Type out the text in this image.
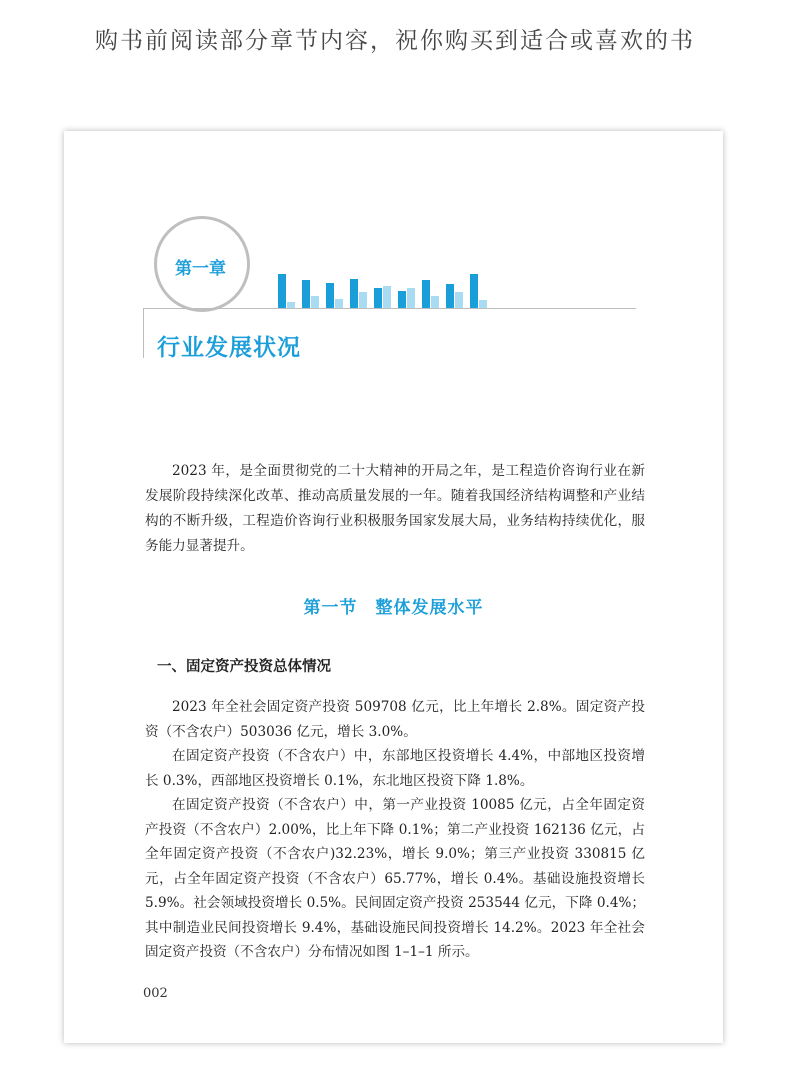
购书前阅读部分章节内容，祝你购买到适合或喜欢的书
第一章
行业发展状况
2023 年，是全面贯彻党的二十大精神的开局之年，是工程造价咨询行业在新发展阶段持续深化改革、推动高质量发展的一年。随着我国经济结构调整和产业结构的不断升级，工程造价咨询行业积极服务国家发展大局，业务结构持续优化，服务能力显著提升。
第一节　整体发展水平
一、固定资产投资总体情况

2023 年全社会固定资产投资 509708 亿元，比上年增长 2.8%。固定资产投资（不含农户）503036 亿元，增长 3.0%。

在固定资产投资（不含农户）中，东部地区投资增长 4.4%，中部地区投资增长 0.3%，西部地区投资增长 0.1%，东北地区投资下降 1.8%。

在固定资产投资（不含农户）中，第一产业投资 10085 亿元，占全年固定资产投资（不含农户）2.00%，比上年下降 0.1%；第二产业投资 162136 亿元，占全年固定资产投资（不含农户)32.23%，增长 9.0%；第三产业投资 330815 亿元，占全年固定资产投资（不含农户）65.77%，增长 0.4%。基础设施投资增长 5.9%。社会领域投资增长 0.5%。民间固定资产投资 253544 亿元，下降 0.4%；其中制造业民间投资增长 9.4%，基础设施民间投资增长 14.2%。2023 年全社会固定资产投资（不含农户）分布情况如图 1–1–1 所示。

002
